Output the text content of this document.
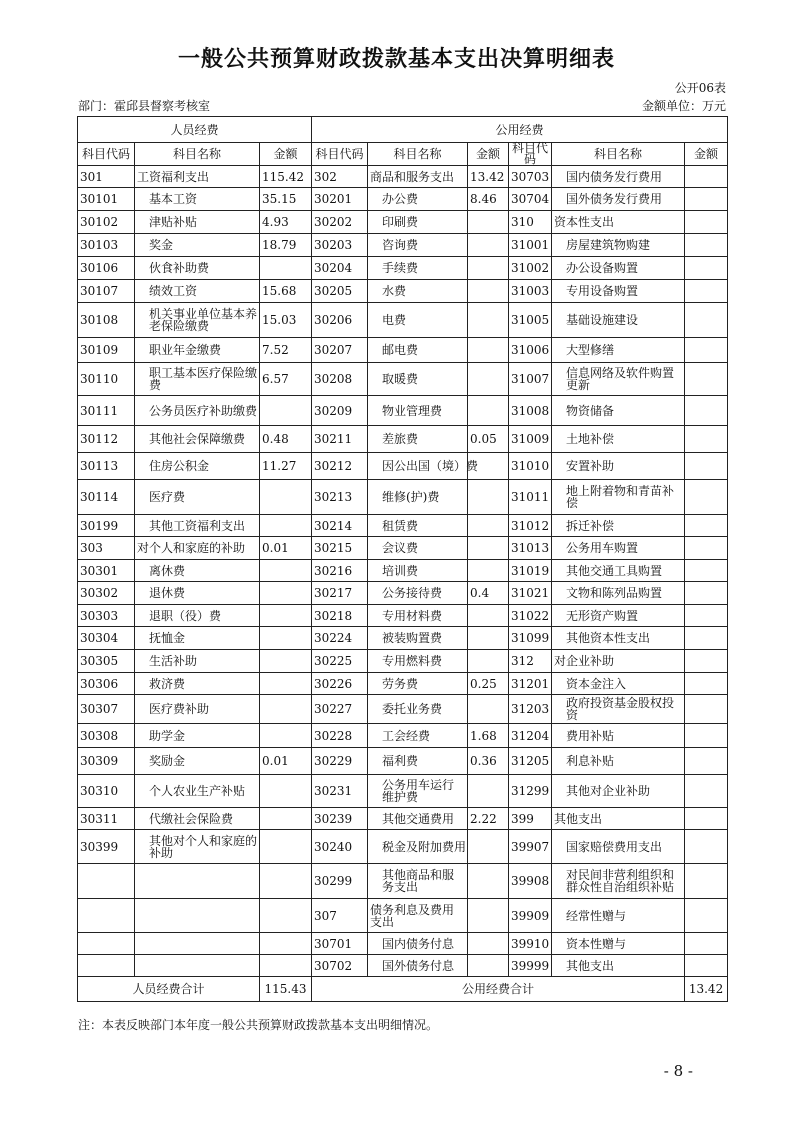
一般公共预算财政拨款基本支出决算明细表
公开06表
部门：霍邱县督察考核室	金额单位：万元
人员经费			公用经费					
科目代码	科目名称	金额	科目代码	科目名称	金额	科目代码	科目名称	金额
301	工资福利支出	115.42	302	商品和服务支出	13.42	30703	国内债务发行费用	
30101	基本工资	35.15	30201	办公费	8.46	30704	国外债务发行费用	
30102	津贴补贴	4.93	30202	印刷费		310	资本性支出	
30103	奖金	18.79	30203	咨询费		31001	房屋建筑物购建	
30106	伙食补助费		30204	手续费		31002	办公设备购置	
30107	绩效工资	15.68	30205	水费		31003	专用设备购置	
30108	机关事业单位基本养老保险缴费	15.03	30206	电费		31005	基础设施建设	
30109	职业年金缴费	7.52	30207	邮电费		31006	大型修缮	
30110	职工基本医疗保险缴费	6.57	30208	取暖费		31007	信息网络及软件购置更新	
30111	公务员医疗补助缴费		30209	物业管理费		31008	物资储备	
30112	其他社会保障缴费	0.48	30211	差旅费	0.05	31009	土地补偿	
30113	住房公积金	11.27	30212	因公出国（境）费		31010	安置补助	
30114	医疗费		30213	维修(护)费		31011	地上附着物和青苗补偿	
30199	其他工资福利支出		30214	租赁费		31012	拆迁补偿	
303	对个人和家庭的补助	0.01	30215	会议费		31013	公务用车购置	
30301	离休费		30216	培训费		31019	其他交通工具购置	
30302	退休费		30217	公务接待费	0.4	31021	文物和陈列品购置	
30303	退职（役）费		30218	专用材料费		31022	无形资产购置	
30304	抚恤金		30224	被装购置费		31099	其他资本性支出	
30305	生活补助		30225	专用燃料费		312	对企业补助	
30306	救济费		30226	劳务费	0.25	31201	资本金注入	
30307	医疗费补助		30227	委托业务费		31203	政府投资基金股权投资	
30308	助学金		30228	工会经费	1.68	31204	费用补贴	
30309	奖励金	0.01	30229	福利费	0.36	31205	利息补贴	
30310	个人农业生产补贴		30231	公务用车运行维护费		31299	其他对企业补助	
30311	代缴社会保险费		30239	其他交通费用	2.22	399	其他支出	
30399	其他对个人和家庭的补助		30240	税金及附加费用		39907	国家赔偿费用支出	
			30299	其他商品和服务支出		39908	对民间非营利组织和群众性自治组织补贴	
			307	债务利息及费用支出		39909	经常性赠与	
			30701	国内债务付息		39910	资本性赠与	
			30702	国外债务付息		39999	其他支出	
人员经费合计		115.43	公用经费合计					13.42
注：本表反映部门本年度一般公共预算财政拨款基本支出明细情况。
- 8 -
